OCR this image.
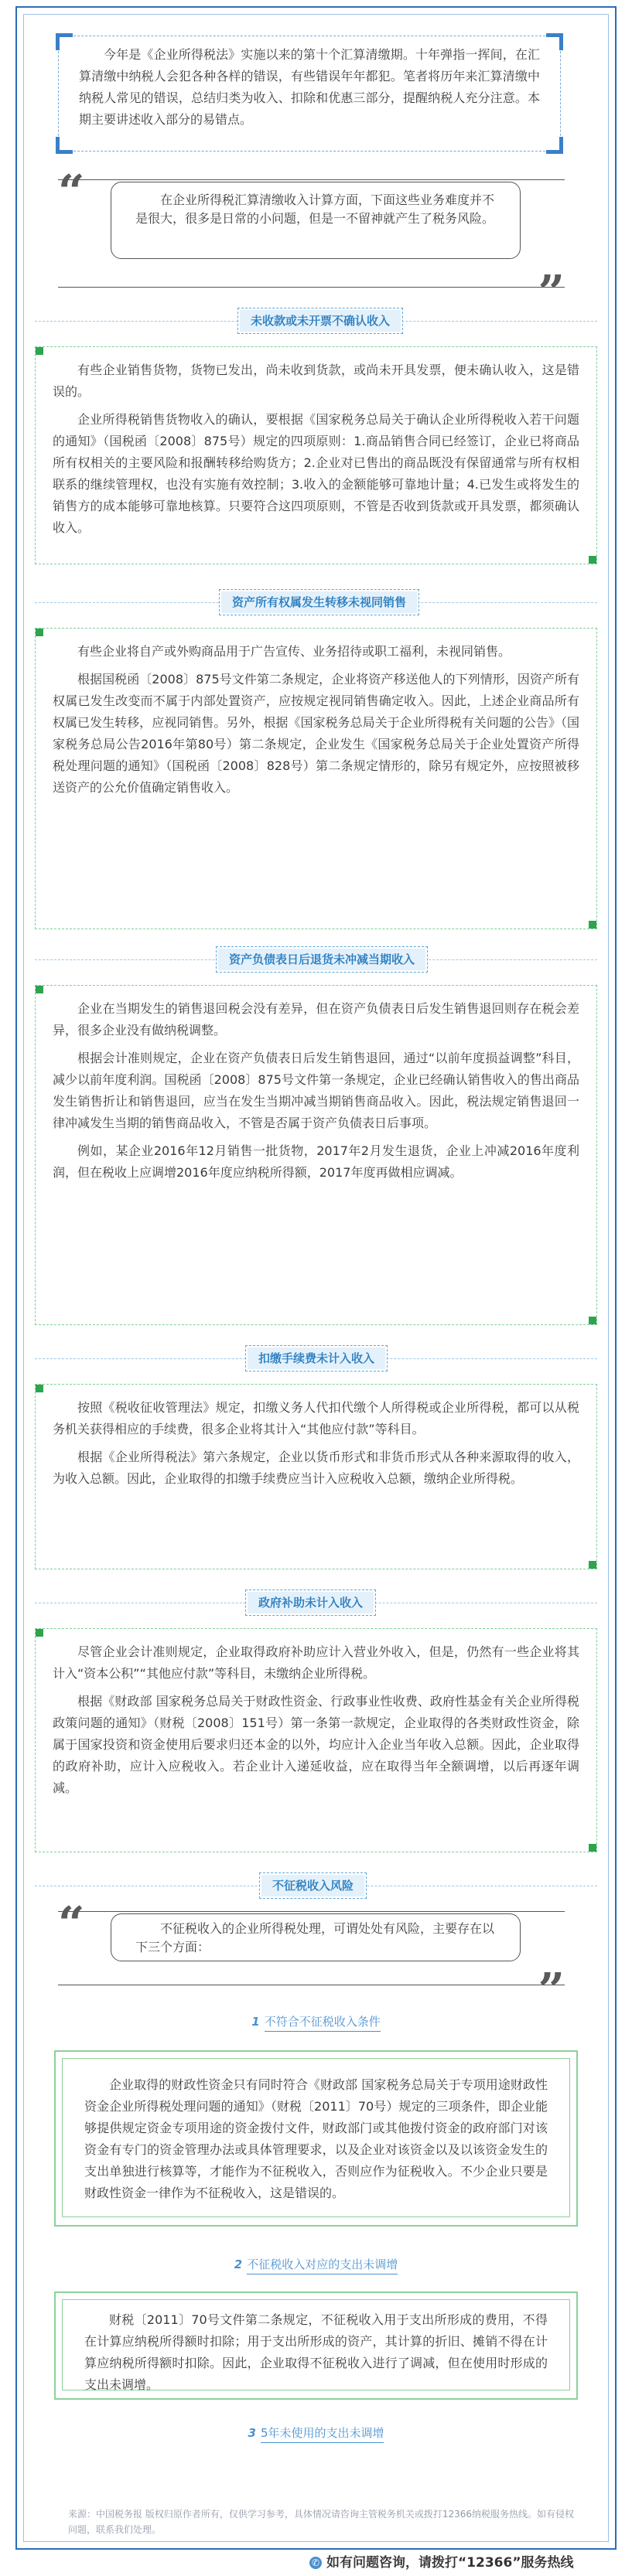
今年是《企业所得税法》实施以来的第十个汇算清缴期。十年弹指一挥间，在汇算清缴中纳税人会犯各种各样的错误，有些错误年年都犯。笔者将历年来汇算清缴中纳税人常见的错误，总结归类为收入、扣除和优惠三部分，提醒纳税人充分注意。本期主要讲述收入部分的易错点。

“
”

在企业所得税汇算清缴收入计算方面，下面这些业务难度并不是很大，很多是日常的小问题，但是一不留神就产生了税务风险。

未收款或未开票不确认收入

有些企业销售货物，货物已发出，尚未收到货款，或尚未开具发票，便未确认收入，这是错误的。

企业所得税销售货物收入的确认，要根据《国家税务总局关于确认企业所得税收入若干问题的通知》（国税函〔2008〕875号）规定的四项原则：1.商品销售合同已经签订，企业已将商品所有权相关的主要风险和报酬转移给购货方；2.企业对已售出的商品既没有保留通常与所有权相联系的继续管理权，也没有实施有效控制；3.收入的金额能够可靠地计量；4.已发生或将发生的销售方的成本能够可靠地核算。只要符合这四项原则，不管是否收到货款或开具发票，都须确认收入。

资产所有权属发生转移未视同销售

有些企业将自产或外购商品用于广告宣传、业务招待或职工福利，未视同销售。

根据国税函〔2008〕875号文件第二条规定，企业将资产移送他人的下列情形，因资产所有权属已发生改变而不属于内部处置资产，应按规定视同销售确定收入。因此，上述企业商品所有权属已发生转移，应视同销售。另外，根据《国家税务总局关于企业所得税有关问题的公告》（国家税务总局公告2016年第80号）第二条规定，企业发生《国家税务总局关于企业处置资产所得税处理问题的通知》（国税函〔2008〕828号）第二条规定情形的，除另有规定外，应按照被移送资产的公允价值确定销售收入。

资产负债表日后退货未冲减当期收入

企业在当期发生的销售退回税会没有差异，但在资产负债表日后发生销售退回则存在税会差异，很多企业没有做纳税调整。

根据会计准则规定，企业在资产负债表日后发生销售退回，通过“以前年度损益调整”科目，减少以前年度利润。国税函〔2008〕875号文件第一条规定，企业已经确认销售收入的售出商品发生销售折让和销售退回，应当在发生当期冲减当期销售商品收入。因此，税法规定销售退回一律冲减发生当期的销售商品收入，不管是否属于资产负债表日后事项。

例如，某企业2016年12月销售一批货物，2017年2月发生退货，企业上冲减2016年度利润，但在税收上应调增2016年度应纳税所得额，2017年度再做相应调减。

扣缴手续费未计入收入

按照《税收征收管理法》规定，扣缴义务人代扣代缴个人所得税或企业所得税，都可以从税务机关获得相应的手续费，很多企业将其计入“其他应付款”等科目。

根据《企业所得税法》第六条规定，企业以货币形式和非货币形式从各种来源取得的收入，为收入总额。因此，企业取得的扣缴手续费应当计入应税收入总额，缴纳企业所得税。

政府补助未计入收入

尽管企业会计准则规定，企业取得政府补助应计入营业外收入，但是，仍然有一些企业将其计入“资本公积”“其他应付款”等科目，未缴纳企业所得税。

根据《财政部 国家税务总局关于财政性资金、行政事业性收费、政府性基金有关企业所得税政策问题的通知》（财税〔2008〕151号）第一条第一款规定，企业取得的各类财政性资金，除属于国家投资和资金使用后要求归还本金的以外，均应计入企业当年收入总额。因此，企业取得的政府补助，应计入应税收入。若企业计入递延收益，应在取得当年全额调增，以后再逐年调减。

不征税收入风险
“
”

不征税收入的企业所得税处理，可谓处处有风险，主要存在以下三个方面：

1 不符合不征税收入条件

企业取得的财政性资金只有同时符合《财政部 国家税务总局关于专项用途财政性资金企业所得税处理问题的通知》（财税〔2011〕70号）规定的三项条件，即企业能够提供规定资金专项用途的资金拨付文件，财政部门或其他拨付资金的政府部门对该资金有专门的资金管理办法或具体管理要求，以及企业对该资金以及以该资金发生的支出单独进行核算等，才能作为不征税收入，否则应作为征税收入。不少企业只要是财政性资金一律作为不征税收入，这是错误的。

2 不征税收入对应的支出未调增

财税〔2011〕70号文件第二条规定，不征税收入用于支出所形成的费用，不得在计算应纳税所得额时扣除；用于支出所形成的资产，其计算的折旧、摊销不得在计算应纳税所得额时扣除。因此，企业取得不征税收入进行了调减，但在使用时形成的支出未调增。

3 5年未使用的支出未调增

来源：中国税务报 版权归原作者所有，仅供学习参考，具体情况请咨询主管税务机关或拨打12366纳税服务热线。如有侵权问题，联系我们处理。

✆ 如有问题咨询，请拨打“12366”服务热线
